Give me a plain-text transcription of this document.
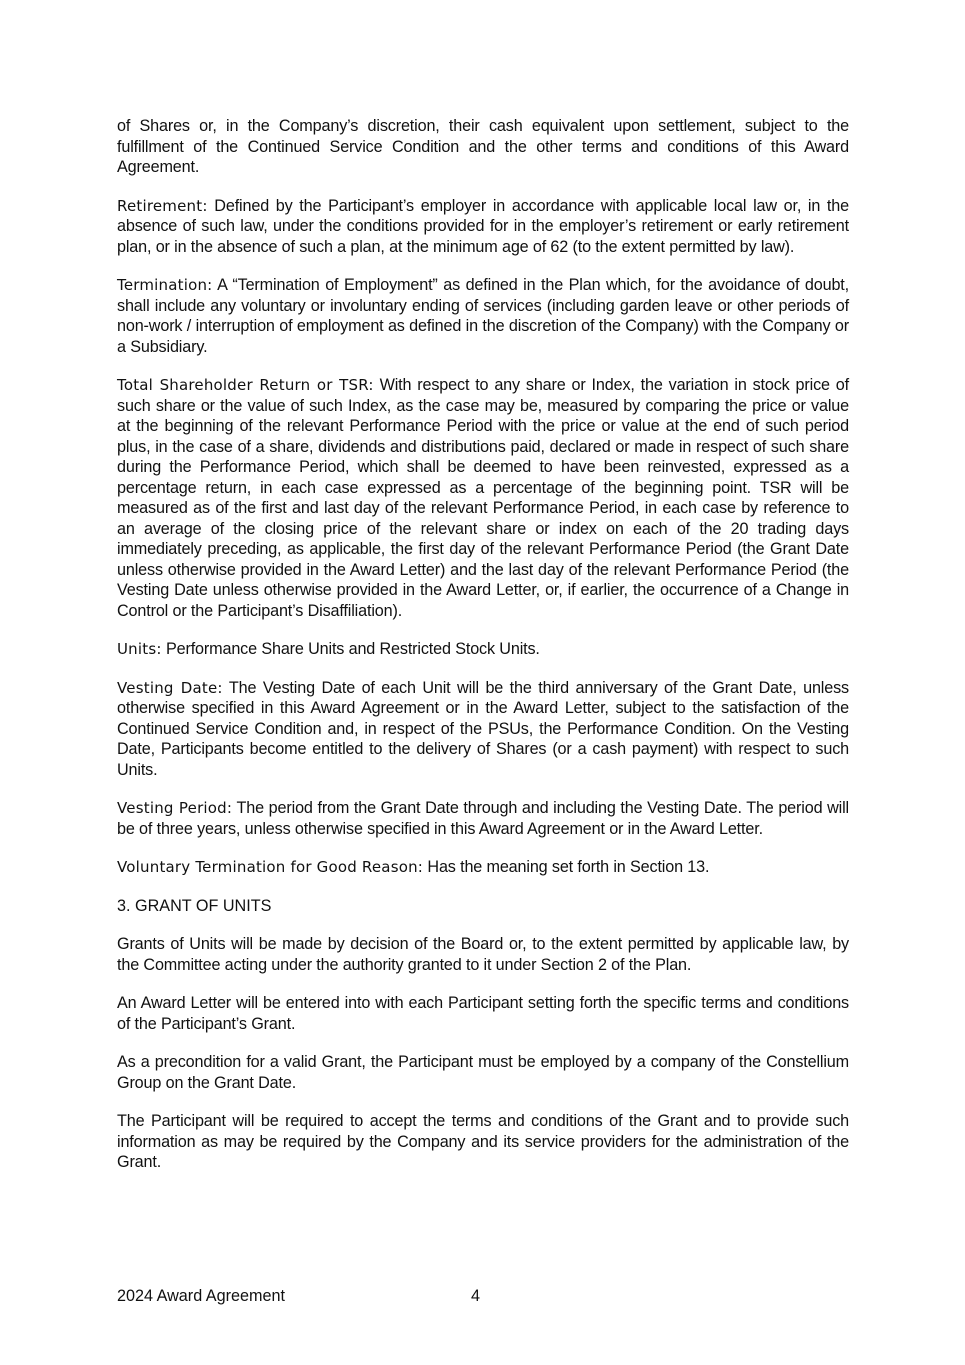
of Shares or, in the Company’s discretion, their cash equivalent upon settlement, subject to the fulfillment of the Continued Service Condition and the other terms and conditions of this Award Agreement.

Retirement: Defined by the Participant’s employer in accordance with applicable local law or, in the absence of such law, under the conditions provided for in the employer’s retirement or early retirement plan, or in the absence of such a plan, at the minimum age of 62 (to the extent permitted by law).

Termination: A “Termination of Employment” as defined in the Plan which, for the avoidance of doubt, shall include any voluntary or involuntary ending of services (including garden leave or other periods of non-work / interruption of employment as defined in the discretion of the Company) with the Company or a Subsidiary.

Total Shareholder Return or TSR: With respect to any share or Index, the variation in stock price of such share or the value of such Index, as the case may be, measured by comparing the price or value at the beginning of the relevant Performance Period with the price or value at the end of such period plus, in the case of a share, dividends and distributions paid, declared or made in respect of such share during the Performance Period, which shall be deemed to have been reinvested, expressed as a percentage return, in each case expressed as a percentage of the beginning point. TSR will be measured as of the first and last day of the relevant Performance Period, in each case by reference to an average of the closing price of the relevant share or index on each of the 20 trading days immediately preceding, as applicable, the first day of the relevant Performance Period (the Grant Date unless otherwise provided in the Award Letter) and the last day of the relevant Performance Period (the Vesting Date unless otherwise provided in the Award Letter, or, if earlier, the occurrence of a Change in Control or the Participant’s Disaffiliation).

Units: Performance Share Units and Restricted Stock Units.

Vesting Date: The Vesting Date of each Unit will be the third anniversary of the Grant Date, unless otherwise specified in this Award Agreement or in the Award Letter, subject to the satisfaction of the Continued Service Condition and, in respect of the PSUs, the Performance Condition. On the Vesting Date, Participants become entitled to the delivery of Shares (or a cash payment) with respect to such Units.

Vesting Period: The period from the Grant Date through and including the Vesting Date. The period will be of three years, unless otherwise specified in this Award Agreement or in the Award Letter.

Voluntary Termination for Good Reason: Has the meaning set forth in Section 13.

3. GRANT OF UNITS

Grants of Units will be made by decision of the Board or, to the extent permitted by applicable law, by the Committee acting under the authority granted to it under Section 2 of the Plan.

An Award Letter will be entered into with each Participant setting forth the specific terms and conditions of the Participant’s Grant.

As a precondition for a valid Grant, the Participant must be employed by a company of the Constellium Group on the Grant Date.

The Participant will be required to accept the terms and conditions of the Grant and to provide such information as may be required by the Company and its service providers for the administration of the Grant.

2024 Award Agreement	4
